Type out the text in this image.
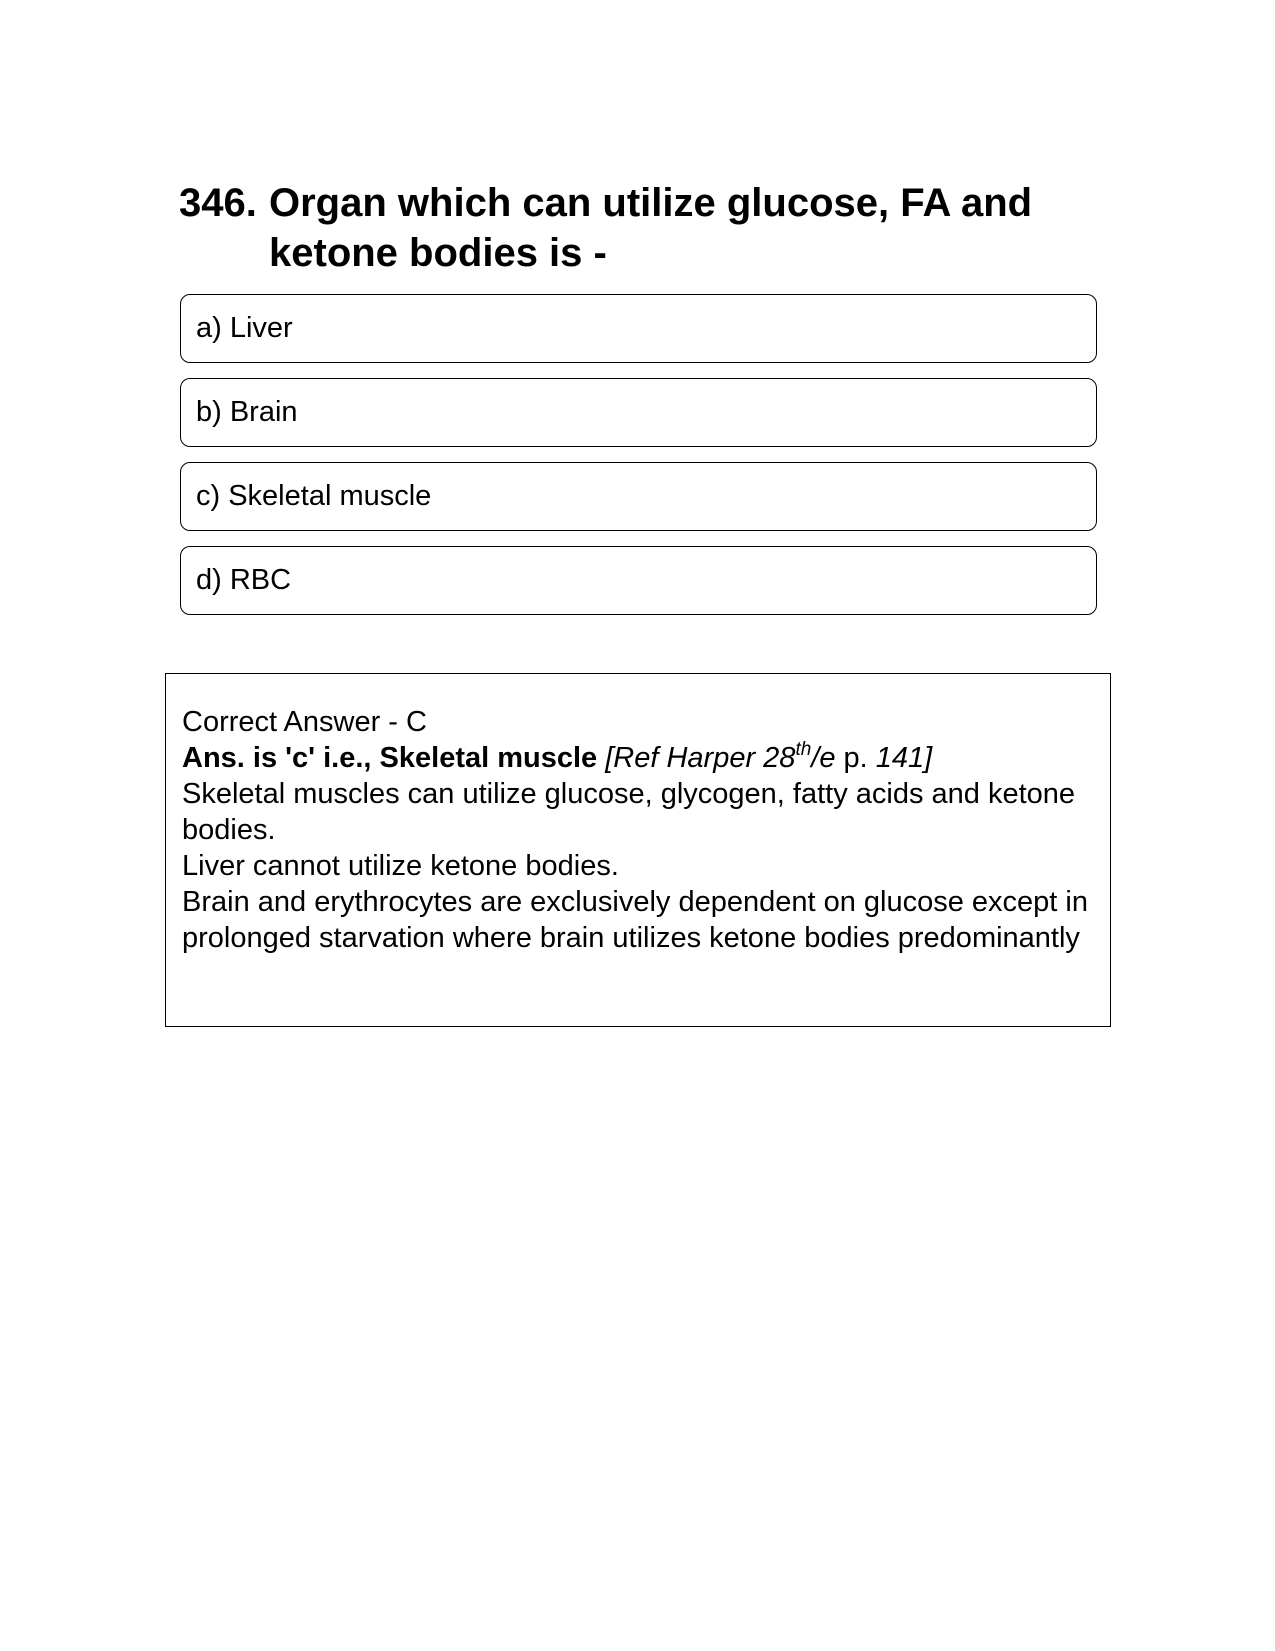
346. Organ which can utilize glucose, FA and ketone bodies is -
a) Liver
b) Brain
c) Skeletal muscle
d) RBC

Correct Answer - C

Ans. is 'c' i.e., Skeletal muscle [Ref Harper 28th/e p. 141]

Skeletal muscles can utilize glucose, glycogen, fatty acids and ketone bodies.

Liver cannot utilize ketone bodies.

Brain and erythrocytes are exclusively dependent on glucose except in prolonged starvation where brain utilizes ketone bodies predominantly
